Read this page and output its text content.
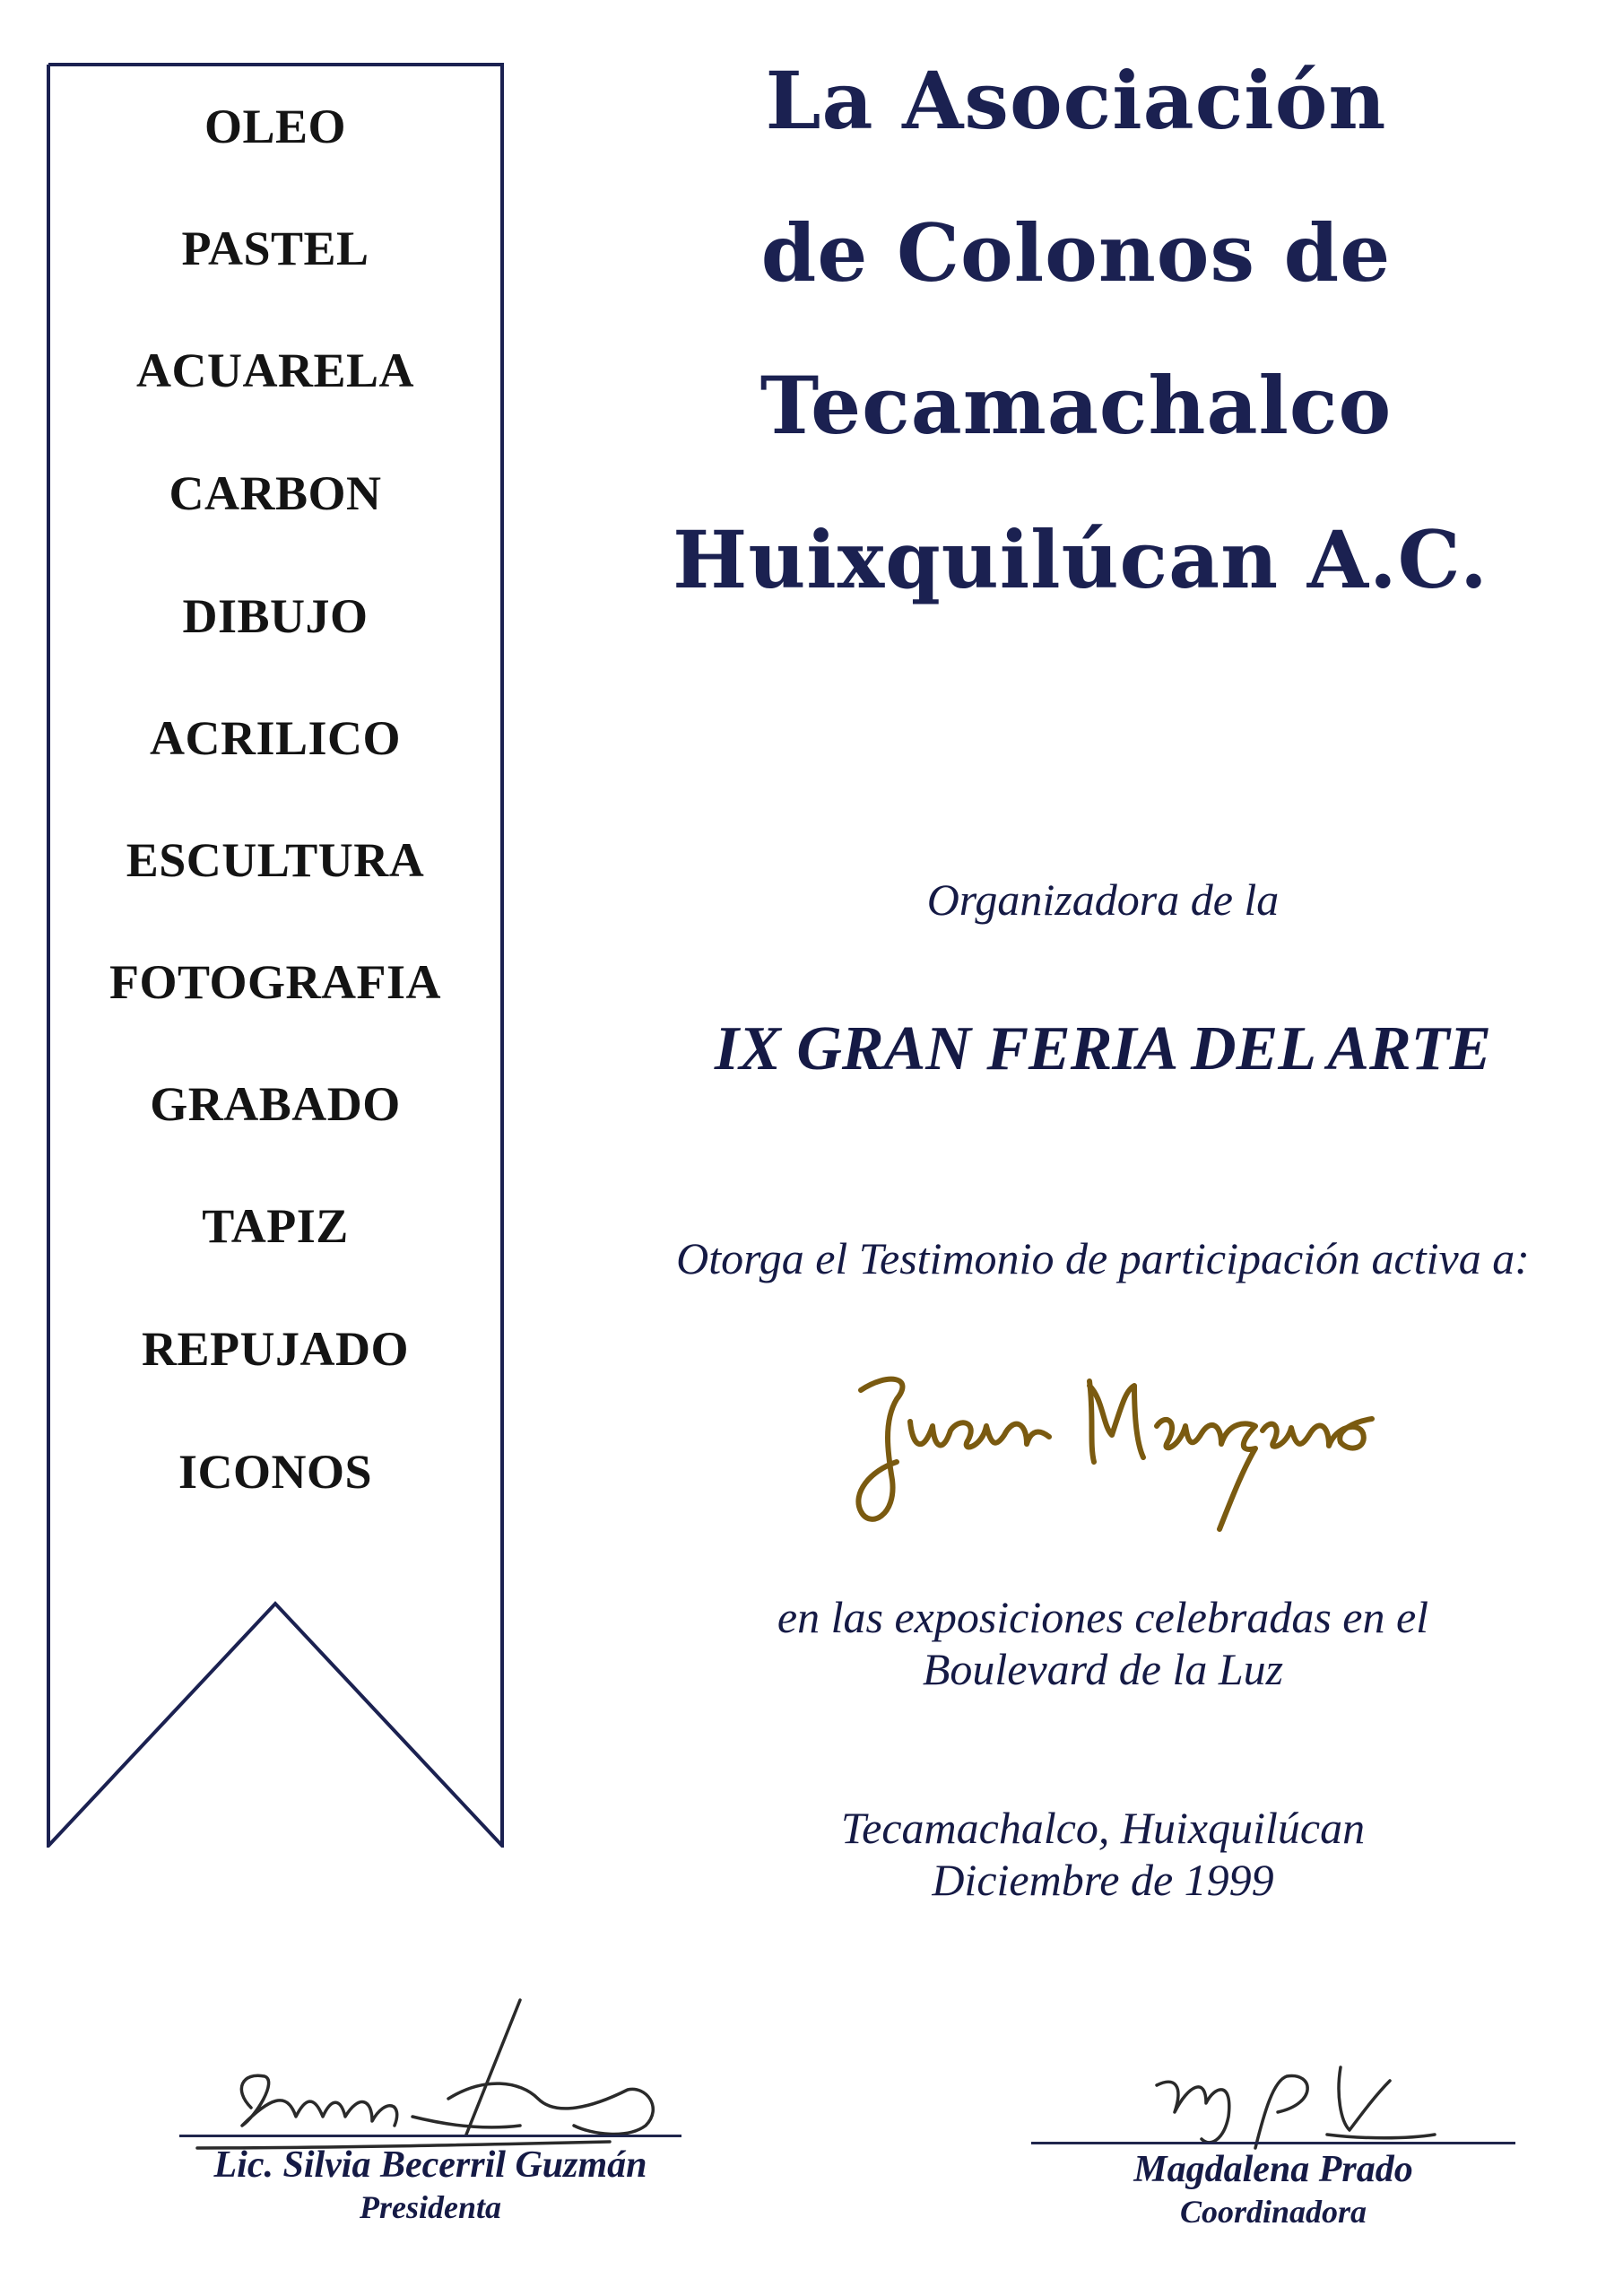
OLEO
PASTEL
ACUARELA
CARBON
DIBUJO
ACRILICO
ESCULTURA
FOTOGRAFIA
GRABADO
TAPIZ
REPUJADO
ICONOS
La Asociación
de Colonos de
Tecamachalco
Huixquilúcan A.C.
Organizadora de la
IX GRAN FERIA DEL ARTE
Otorga el Testimonio de participación activa a:
en las exposiciones celebradas en el
Boulevard de la Luz
Tecamachalco, Huixquilúcan
Diciembre de 1999
Lic. Silvia Becerril Guzmán
Presidenta
Magdalena Prado
Coordinadora
